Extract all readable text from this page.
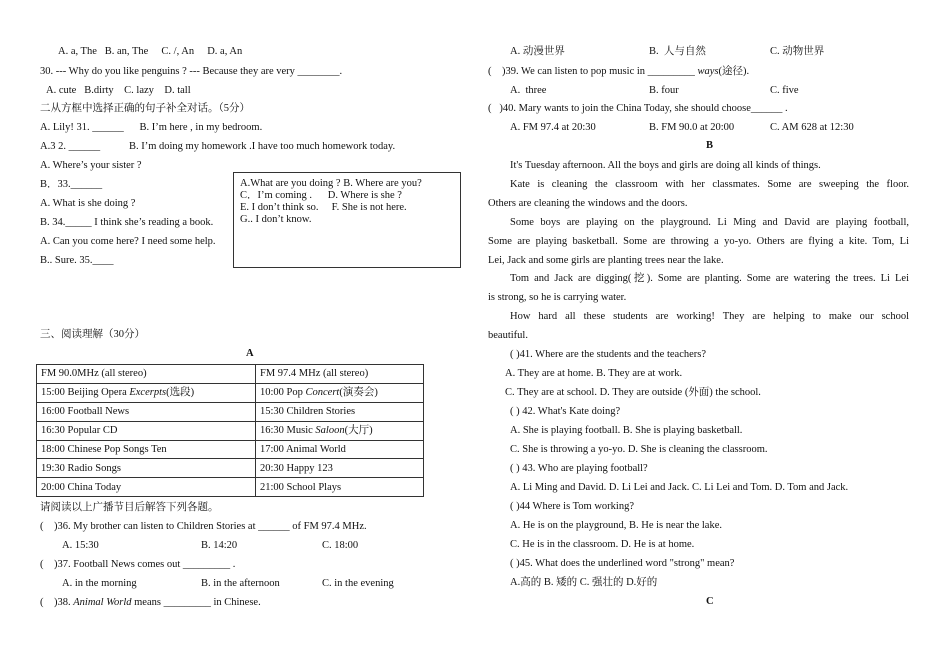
A. a, The   B. an, The     C. /, An     D. a, An
30. --- Why do you like penguins ? --- Because they are very ________.
A. cute   B.dirty    C. lazy    D. tall
二从方框中选择正确的句子补全对话。（5分）
A. Lily! 31. ______      B. I’m here , in my bedroom.
A.3 2. ______           B. I’m doing my homework .I have too much homework today.
A. Where’s your sister ?
B．33.______
A. What is she doing ?
B. 34._____ I think she’s reading a book.
A. Can you come here? I need some help.
B.. Sure. 35.____
A.What are you doing ? B. Where are you?
C．I’m coming .      D. Where is she ?
E. I don’t think so.     F. She is not here.
G.. I don’t know.
三、阅读理解（30分）
A
FM 90.0MHz (all stereo)	FM 97.4 MHz (all stereo)
15:00 Beijing Opera Excerpts(选段)	10:00 Pop Concert(演奏会)
16:00 Football News	15:30 Children Stories
16:30 Popular CD	16:30 Music Saloon(大厅)
18:00 Chinese Pop Songs Ten	17:00 Animal World
19:30 Radio Songs	20:30 Happy 123
20:00 China Today	21:00 School Plays
请阅读以上广播节目后解答下列各题。
(    )36. My brother can listen to Children Stories at ______ of FM 97.4 MHz.
A. 15:30	B. 14:20	C. 18:00
(    )37. Football News comes out _________ .
A. in the morning	B. in the afternoon	C. in the evening
(    )38. Animal World means _________ in Chinese.
A. 动漫世界	B.  人与自然	C. 动物世界
(    )39. We can listen to pop music in _________ ways(途径).
A.  three	B. four	C. five
(   )40. Mary wants to join the China Today, she should choose______ .
A. FM 97.4 at 20:30	B. FM 90.0 at 20:00	C. AM 628 at 12:30
B
It's Tuesday afternoon. All the boys and girls are doing all kinds of things.
Kate is cleaning the classroom with her classmates. Some are sweeping the floor.
Others are cleaning the windows and the doors.
Some boys are playing on the playground. Li Ming and David are playing football,
Some are playing basketball. Some are throwing a yo-yo. Others are flying a kite. Tom, Li
Lei, Jack and some girls are planting trees near the lake.
Tom and Jack are digging(挖). Some are planting. Some are watering the trees. Li Lei
is strong, so he is carrying water.
How hard all these students are working! They are helping to make our school
beautiful.
( )41. Where are the students and the teachers?
A. They are at home. B. They are at work.
C. They are at school. D. They are outside (外面) the school.
( ) 42. What's Kate doing?
A. She is playing football. B. She is playing basketball.
C. She is throwing a yo-yo. D. She is cleaning the classroom.
( ) 43. Who are playing football?
A. Li Ming and David. D. Li Lei and Jack. C. Li Lei and Tom. D. Tom and Jack.
( )44 Where is Tom working?
A. He is on the playground, B. He is near the lake.
C. He is in the classroom. D. He is at home.
( )45. What does the underlined word "strong" mean?
A.高的 B. 矮的 C. 强壮的 D.好的
C
